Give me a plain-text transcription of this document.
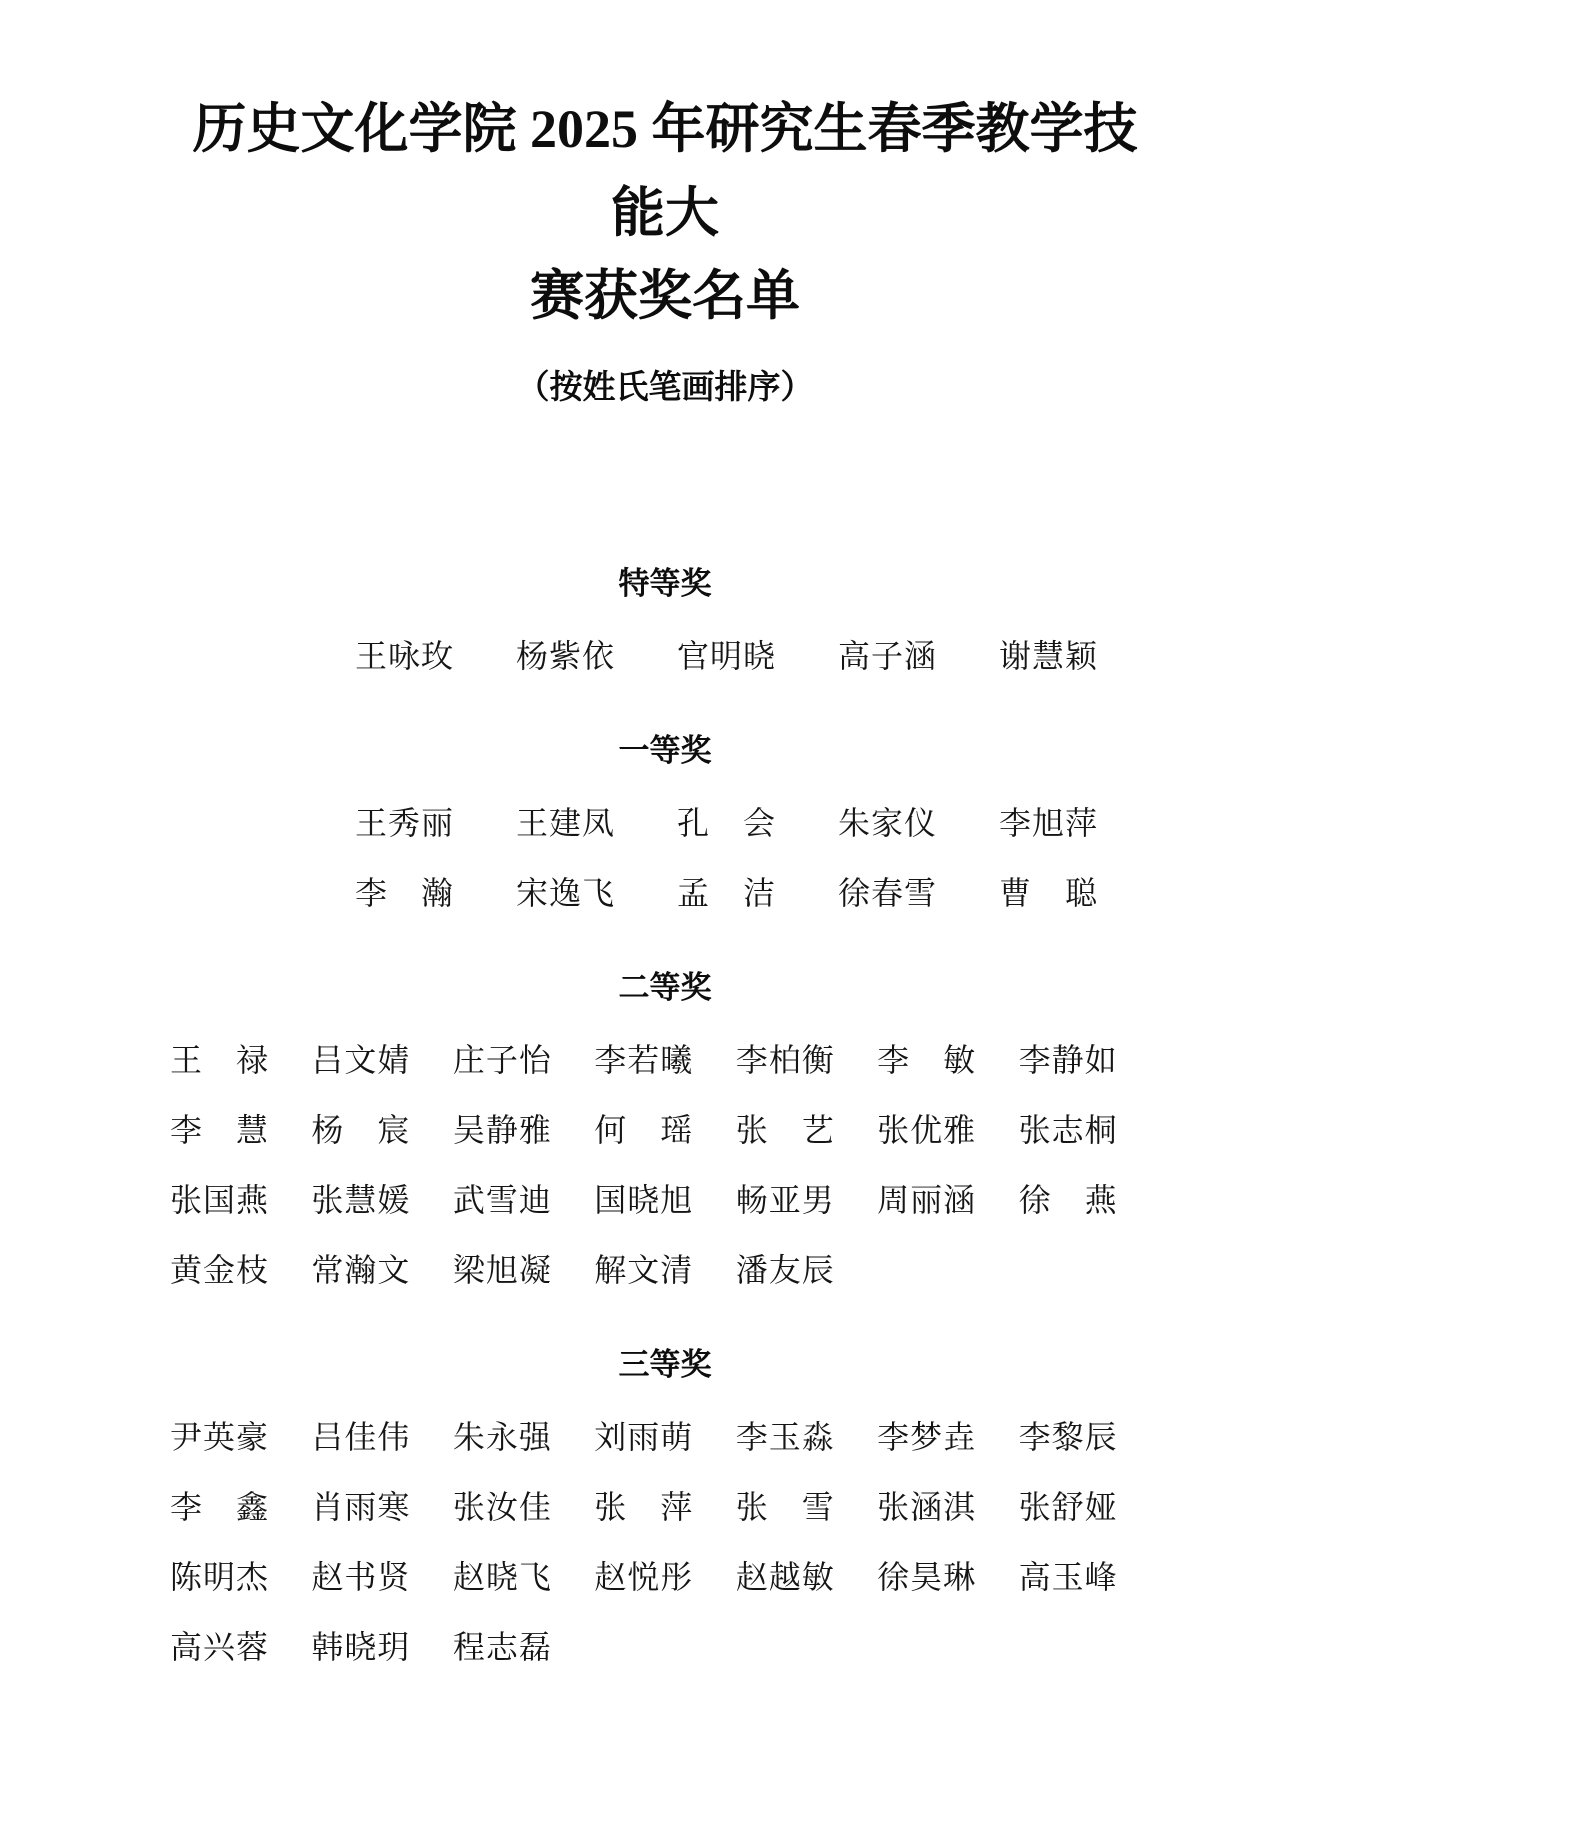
历史文化学院 2025 年研究生春季教学技能大
赛获奖名单
（按姓氏笔画排序）
特等奖
王咏玫 杨紫依 官明晓 高子涵 谢慧颖
一等奖
王秀丽 王建凤 孔　会 朱家仪 李旭萍
李　瀚 宋逸飞 孟　洁 徐春雪 曹　聪
二等奖
王　禄 吕文婧 庄子怡 李若曦 李柏衡 李　敏 李静如
李　慧 杨　宸 吴静雅 何　瑶 张　艺 张优雅 张志桐
张国燕 张慧媛 武雪迪 国晓旭 畅亚男 周丽涵 徐　燕
黄金枝 常瀚文 梁旭凝 解文清 潘友辰
三等奖
尹英豪 吕佳伟 朱永强 刘雨萌 李玉淼 李梦垚 李黎辰
李　鑫 肖雨寒 张汝佳 张　萍 张　雪 张涵淇 张舒娅
陈明杰 赵书贤 赵晓飞 赵悦彤 赵越敏 徐昊琳 高玉峰
高兴蓉 韩晓玥 程志磊
